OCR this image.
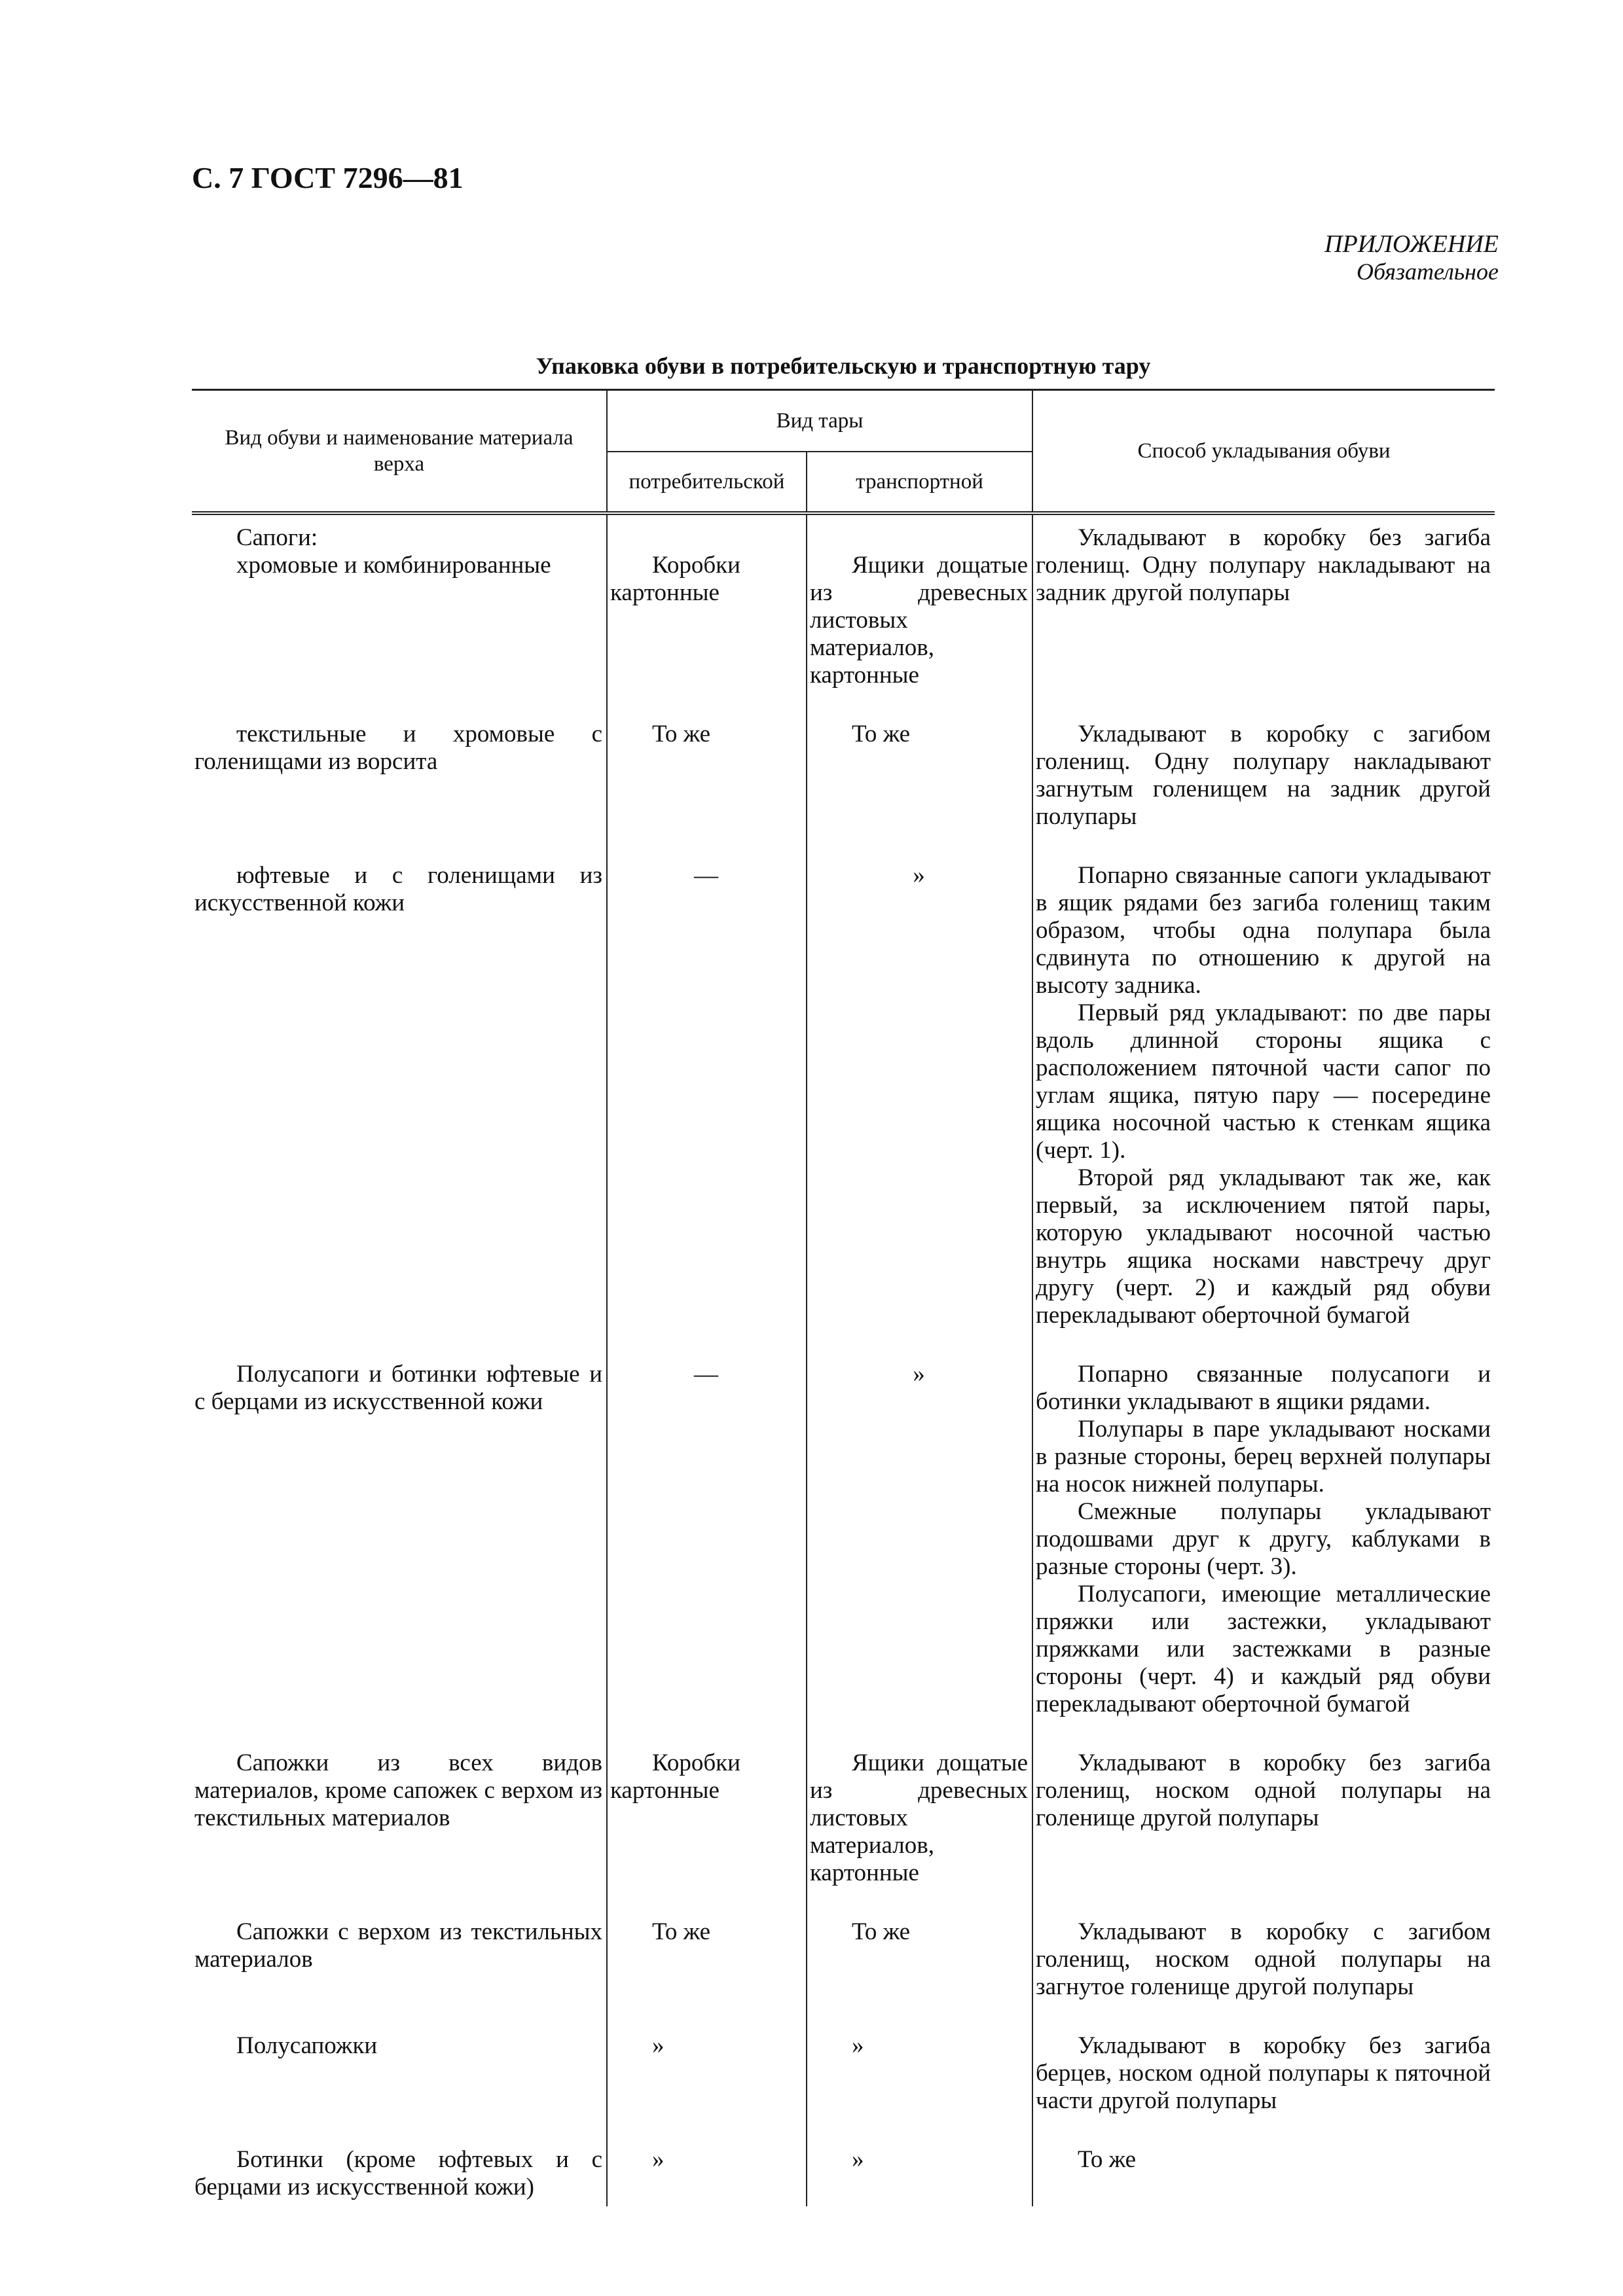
С. 7 ГОСТ 7296—81
ПРИЛОЖЕНИЕ
Обязательное
Упаковка обуви в потребительскую и транспортную тару
Вид обуви и наименование материала верха	Вид тары		Способ укладывания обуви
	потребительской	транспортной	

Сапоги:
хромовые и комбинированные	Коробки картонные	Ящики дощатые из древесных листовых материалов, картонные	Укладывают в коробку без загиба голенищ. Одну полупару накладывают на задник другой полупары

текстильные и хромовые с голенищами из ворсита	То же	То же	Укладывают в коробку с загибом голенищ. Одну полупару накладывают загнутым голенищем на задник другой полупары

юфтевые и с голенищами из искусственной кожи	—	»	Попарно связанные сапоги укладывают в ящик рядами без загиба голенищ таким образом, чтобы одна полупара была сдвинута по отношению к другой на высоту задника.
Первый ряд укладывают: по две пары вдоль длинной стороны ящика с расположением пяточной части сапог по углам ящика, пятую пару — посередине ящика носочной частью к стенкам ящика (черт. 1).
Второй ряд укладывают так же, как первый, за исключением пятой пары, которую укладывают носочной частью внутрь ящика носками навстречу друг другу (черт. 2) и каждый ряд обуви перекладывают оберточной бумагой

Полусапоги и ботинки юфтевые и с берцами из искусственной кожи	—	»	Попарно связанные полусапоги и ботинки укладывают в ящики рядами.
Полупары в паре укладывают носками в разные стороны, берец верхней полупары на носок нижней полупары.
Смежные полупары укладывают подошвами друг к другу, каблуками в разные стороны (черт. 3).
Полусапоги, имеющие металлические пряжки или застежки, укладывают пряжками или застежками в разные стороны (черт. 4) и каждый ряд обуви перекладывают оберточной бумагой

Сапожки из всех видов материалов, кроме сапожек с верхом из текстильных материалов	Коробки картонные	Ящики дощатые из древесных листовых материалов, картонные	Укладывают в коробку без загиба голенищ, носком одной полупары на голенище другой полупары

Сапожки с верхом из текстильных материалов	То же	То же	Укладывают в коробку с загибом голенищ, носком одной полупары на загнутое голенище другой полупары

Полусапожки	»	»	Укладывают в коробку без загиба берцев, носком одной полупары к пяточной части другой полупары

Ботинки (кроме юфтевых и с берцами из искусственной кожи)	»	»	То же
